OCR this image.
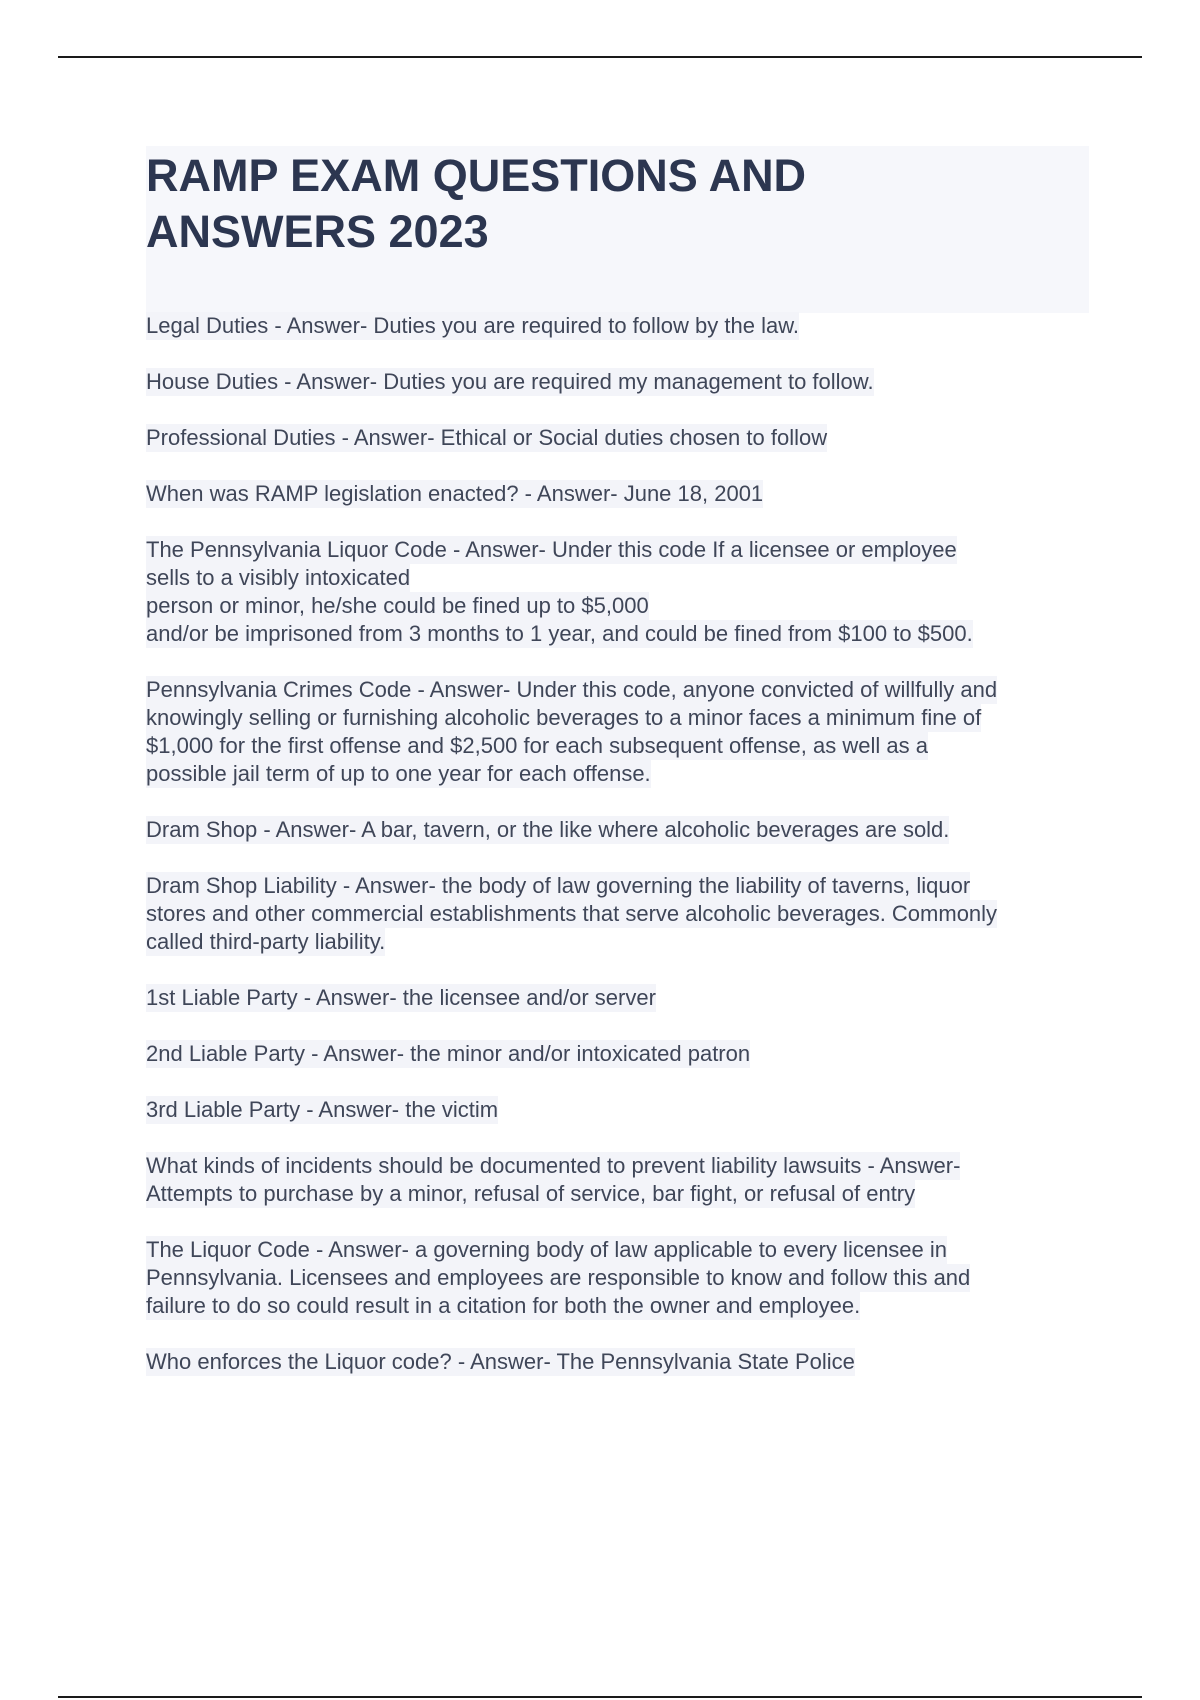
RAMP EXAM QUESTIONS AND
ANSWERS 2023
Legal Duties - Answer- Duties you are required to follow by the law.
House Duties - Answer- Duties you are required my management to follow.
Professional Duties - Answer- Ethical or Social duties chosen to follow
When was RAMP legislation enacted? - Answer- June 18, 2001
The Pennsylvania Liquor Code - Answer- Under this code If a licensee or employee
sells to a visibly intoxicated
person or minor, he/she could be fined up to $5,000
and/or be imprisoned from 3 months to 1 year, and could be fined from $100 to $500.
Pennsylvania Crimes Code - Answer- Under this code, anyone convicted of willfully and
knowingly selling or furnishing alcoholic beverages to a minor faces a minimum fine of
$1,000 for the first offense and $2,500 for each subsequent offense, as well as a
possible jail term of up to one year for each offense.
Dram Shop - Answer- A bar, tavern, or the like where alcoholic beverages are sold.
Dram Shop Liability - Answer- the body of law governing the liability of taverns, liquor
stores and other commercial establishments that serve alcoholic beverages. Commonly
called third-party liability.
1st Liable Party - Answer- the licensee and/or server
2nd Liable Party - Answer- the minor and/or intoxicated patron
3rd Liable Party - Answer- the victim
What kinds of incidents should be documented to prevent liability lawsuits - Answer-
Attempts to purchase by a minor, refusal of service, bar fight, or refusal of entry
The Liquor Code - Answer- a governing body of law applicable to every licensee in
Pennsylvania. Licensees and employees are responsible to know and follow this and
failure to do so could result in a citation for both the owner and employee.
Who enforces the Liquor code? - Answer- The Pennsylvania State Police
